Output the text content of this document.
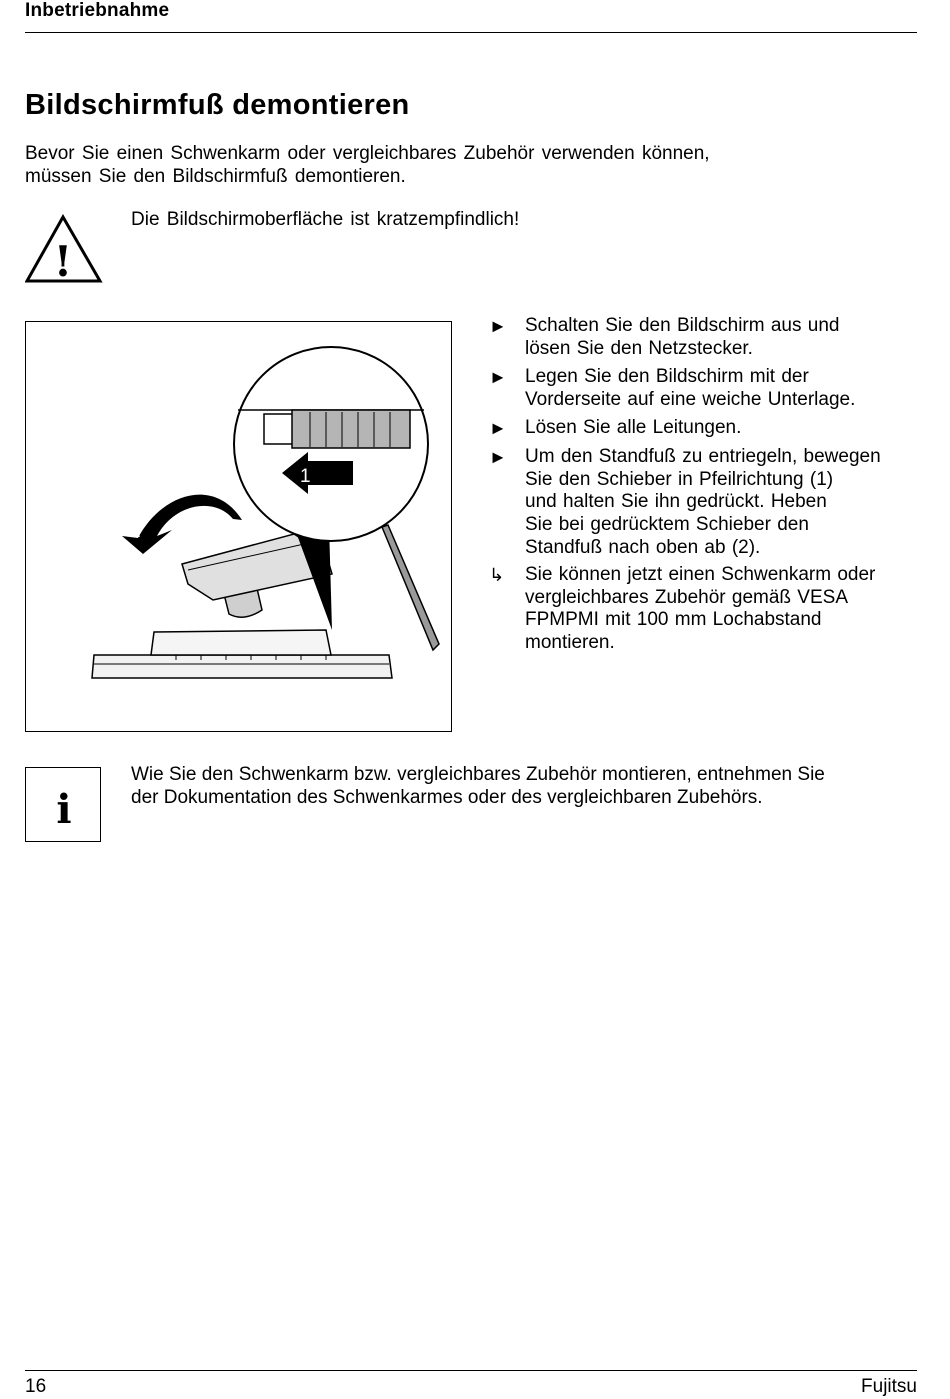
Inbetriebnahme
Bildschirmfuß demontieren
Bevor Sie einen Schwenkarm oder vergleichbares Zubehör verwenden können,
müssen Sie den Bildschirmfuß demontieren.
!
Die Bildschirmoberfläche ist kratzempfindlich!
1
2
► Schalten Sie den Bildschirm aus und
lösen Sie den Netzstecker.
► Legen Sie den Bildschirm mit der
Vorderseite auf eine weiche Unterlage.
► Lösen Sie alle Leitungen.
► Um den Standfuß zu entriegeln, bewegen
Sie den Schieber in Pfeilrichtung (1)
und halten Sie ihn gedrückt. Heben
Sie bei gedrücktem Schieber den
Standfuß nach oben ab (2).
↳	Sie können jetzt einen Schwenkarm oder
vergleichbares Zubehör gemäß VESA
FPMPMI mit 100 mm Lochabstand
montieren.
i
Wie Sie den Schwenkarm bzw. vergleichbares Zubehör montieren, entnehmen Sie
der Dokumentation des Schwenkarmes oder des vergleichbaren Zubehörs.
16	Fujitsu
